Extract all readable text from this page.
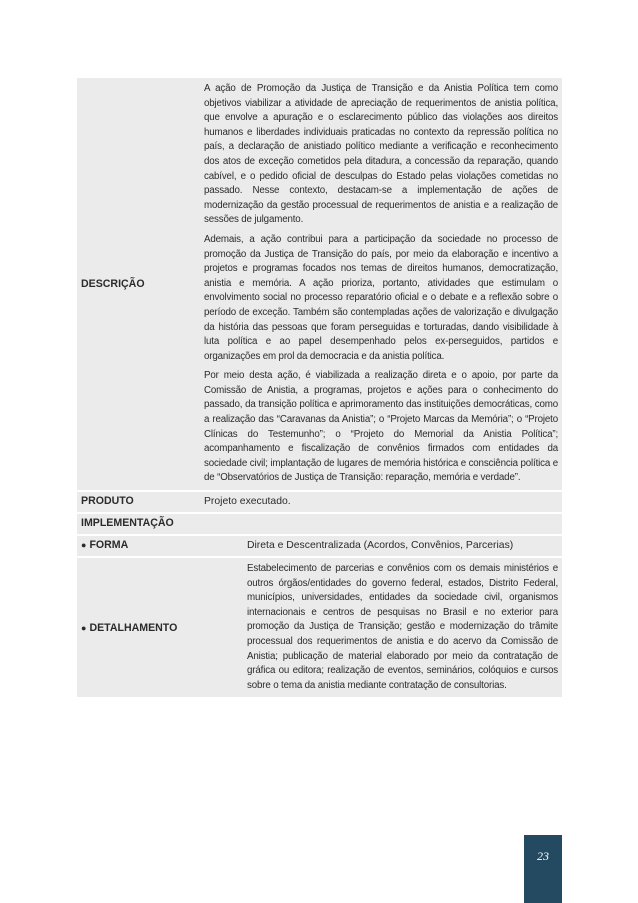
DESCRIÇÃO	A ação de Promoção da Justiça de Transição e da Anistia Política tem como objetivos viabilizar a atividade de apreciação de requerimentos de anistia política, que envolve a apuração e o esclarecimento público das violações aos direitos humanos e liberdades individuais praticadas no contexto da repressão política no país, a declaração de anistiado político mediante a verificação e reconhecimento dos atos de exceção cometidos pela ditadura, a concessão da reparação, quando cabível, e o pedido oficial de desculpas do Estado pelas violações cometidas no passado. Nesse contexto, destacam-se a implementação de ações de modernização da gestão processual de requerimentos de anistia e a realização de sessões de julgamento.

Ademais, a ação contribui para a participação da sociedade no processo de promoção da Justiça de Transição do país, por meio da elaboração e incentivo a projetos e programas focados nos temas de direitos humanos, democratização, anistia e memória. A ação prioriza, portanto, atividades que estimulam o envolvimento social no processo reparatório oficial e o debate e a reflexão sobre o período de exceção. Também são contempladas ações de valorização e divulgação da história das pessoas que foram perseguidas e torturadas, dando visibilidade à luta política e ao papel desempenhado pelos ex-perseguidos, partidos e organizações em prol da democracia e da anistia política.

Por meio desta ação, é viabilizada a realização direta e o apoio, por parte da Comissão de Anistia, a programas, projetos e ações para o conhecimento do passado, da transição política e aprimoramento das instituições democráticas, como a realização das “Caravanas da Anistia”; o “Projeto Marcas da Memória”; o “Projeto Clínicas do Testemunho”; o “Projeto do Memorial da Anistia Política”; acompanhamento e fiscalização de convênios firmados com entidades da sociedade civil; implantação de lugares de memória histórica e consciência política e de “Observatórios de Justiça de Transição: reparação, memória e verdade”.	

PRODUTO	Projeto executado.	

IMPLEMENTAÇÃO		

● FORMA		Direta e Descentralizada (Acordos, Convênios, Parcerias)

● DETALHAMENTO		Estabelecimento de parcerias e convênios com os demais ministérios e outros órgãos/entidades do governo federal, estados, Distrito Federal, municípios, universidades, entidades da sociedade civil, organismos internacionais e centros de pesquisas no Brasil e no exterior para promoção da Justiça de Transição; gestão e modernização do trâmite processual dos requerimentos de anistia e do acervo da Comissão de Anistia; publicação de material elaborado por meio da contratação de gráfica ou editora; realização de eventos, seminários, colóquios e cursos sobre o tema da anistia mediante contratação de consultorias.

23
